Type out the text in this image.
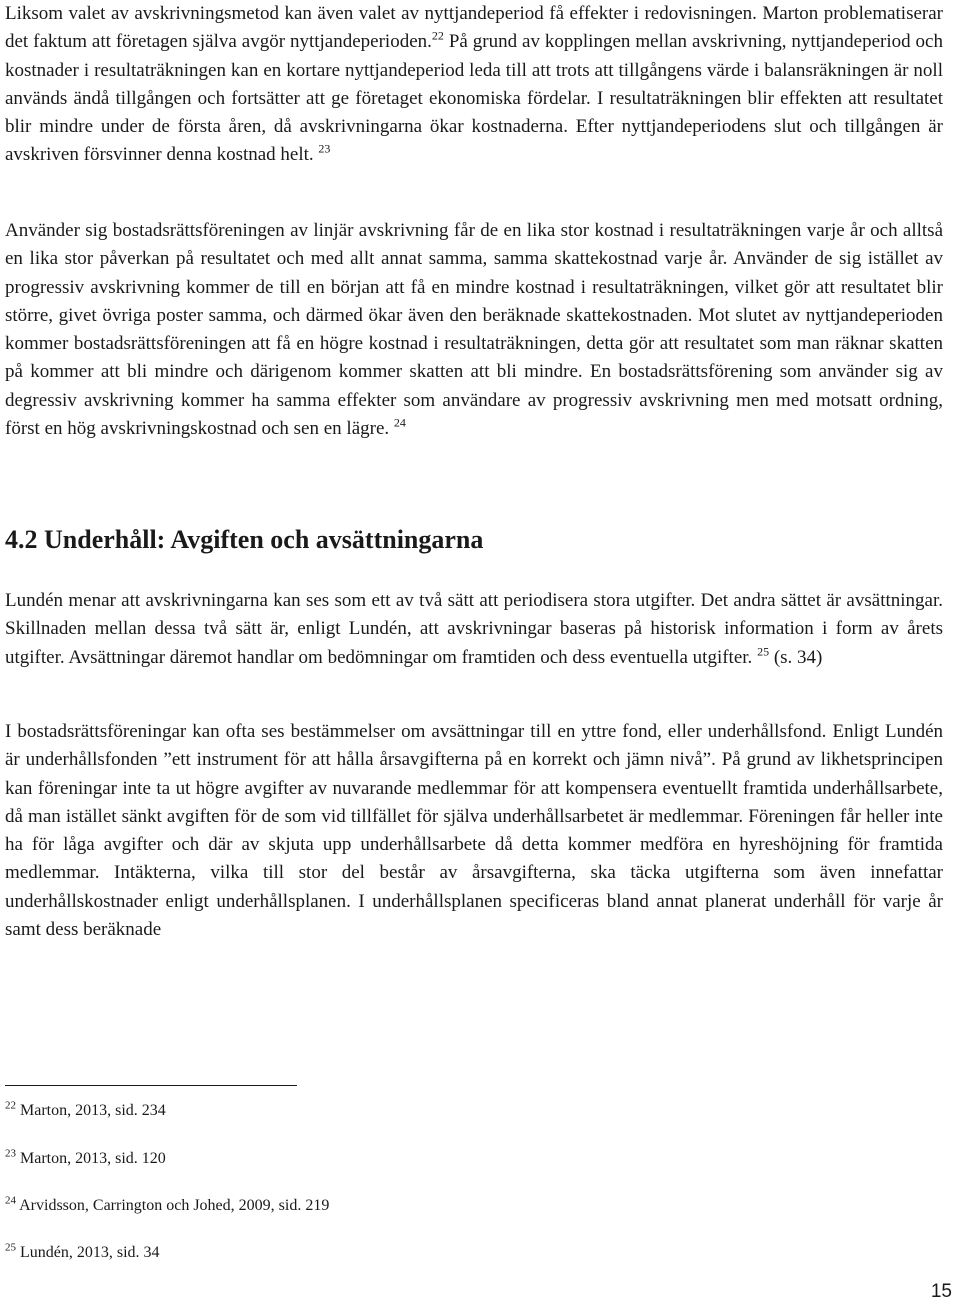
Liksom valet av avskrivningsmetod kan även valet av nyttjandeperiod få effekter i redovisningen. Marton problematiserar det faktum att företagen själva avgör nyttjandeperioden.$^{22}$ På grund av kopplingen mellan avskrivning, nyttjandeperiod och kostnader i resultaträkningen kan en kortare nyttjandeperiod leda till att trots att tillgångens värde i balansräkningen är noll används ändå tillgången och fortsätter att ge företaget ekonomiska fördelar. I resultaträkningen blir effekten att resultatet blir mindre under de första åren, då avskrivningarna ökar kostnaderna. Efter nyttjandeperiodens slut och tillgången är avskriven försvinner denna kostnad helt. $^{23}$

Använder sig bostadsrättsföreningen av linjär avskrivning får de en lika stor kostnad i resultaträkningen varje år och alltså en lika stor påverkan på resultatet och med allt annat samma, samma skattekostnad varje år. Använder de sig istället av progressiv avskrivning kommer de till en början att få en mindre kostnad i resultaträkningen, vilket gör att resultatet blir större, givet övriga poster samma, och därmed ökar även den beräknade skattekostnaden. Mot slutet av nyttjandeperioden kommer bostadsrättsföreningen att få en högre kostnad i resultaträkningen, detta gör att resultatet som man räknar skatten på kommer att bli mindre och därigenom kommer skatten att bli mindre. En bostadsrättsförening som använder sig av degressiv avskrivning kommer ha samma effekter som användare av progressiv avskrivning men med motsatt ordning, först en hög avskrivningskostnad och sen en lägre. $^{24}$

4.2 Underhåll: Avgiften och avsättningarna

Lundén menar att avskrivningarna kan ses som ett av två sätt att periodisera stora utgifter. Det andra sättet är avsättningar. Skillnaden mellan dessa två sätt är, enligt Lundén, att avskrivningar baseras på historisk information i form av årets utgifter. Avsättningar däremot handlar om bedömningar om framtiden och dess eventuella utgifter. $^{25}$ (s. 34)

I bostadsrättsföreningar kan ofta ses bestämmelser om avsättningar till en yttre fond, eller underhållsfond. Enligt Lundén är underhållsfonden ”ett instrument för att hålla årsavgifterna på en korrekt och jämn nivå”. På grund av likhetsprincipen kan föreningar inte ta ut högre avgifter av nuvarande medlemmar för att kompensera eventuellt framtida underhållsarbete, då man istället sänkt avgiften för de som vid tillfället för själva underhållsarbetet är medlemmar. Föreningen får heller inte ha för låga avgifter och där av skjuta upp underhållsarbete då detta kommer medföra en hyreshöjning för framtida medlemmar. Intäkterna, vilka till stor del består av årsavgifterna, ska täcka utgifterna som även innefattar underhållskostnader enligt underhållsplanen. I underhållsplanen specificeras bland annat planerat underhåll för varje år samt dess beräknade

$^{22}$ Marton, 2013, sid. 234

$^{23}$ Marton, 2013, sid. 120

$^{24}$ Arvidsson, Carrington och Johed, 2009, sid. 219

$^{25}$ Lundén, 2013, sid. 34

15
